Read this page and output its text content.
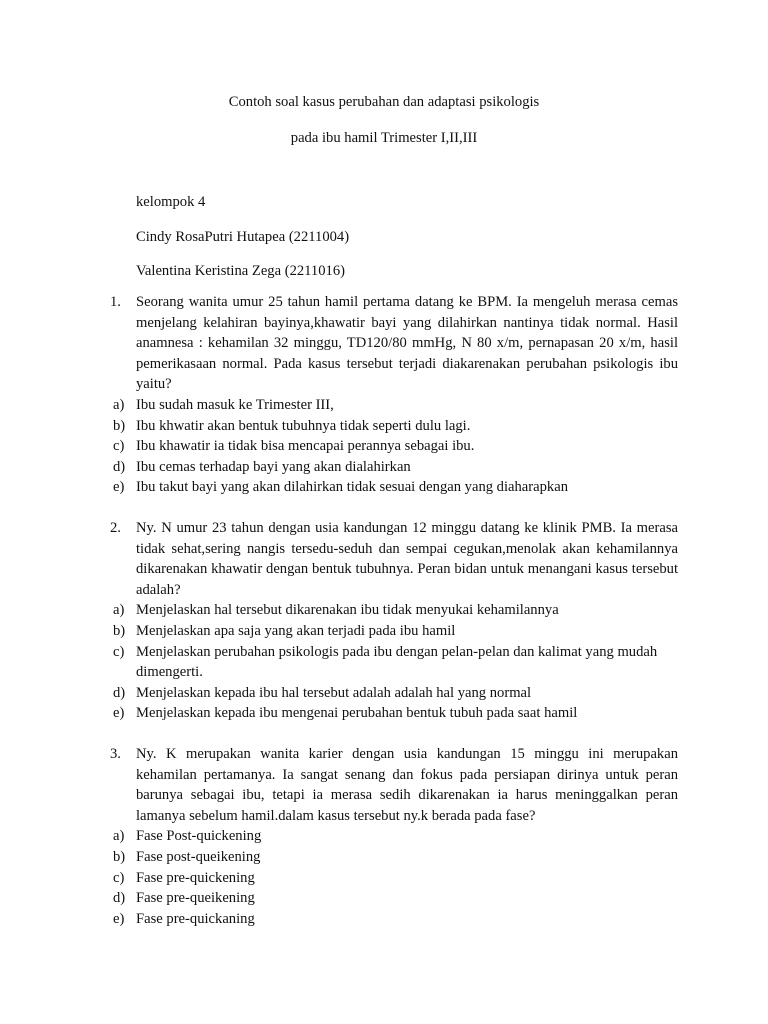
Contoh soal kasus perubahan dan adaptasi psikologis
pada ibu hamil Trimester I,II,III
kelompok 4
Cindy RosaPutri Hutapea (2211004)
Valentina Keristina Zega (2211016)
1. Seorang wanita umur 25 tahun hamil pertama datang ke BPM. Ia mengeluh merasa cemas menjelang kelahiran bayinya,khawatir bayi yang dilahirkan nantinya tidak normal. Hasil anamnesa : kehamilan 32 minggu, TD120/80 mmHg, N 80 x/m, pernapasan 20 x/m, hasil pemerikasaan normal. Pada kasus tersebut terjadi diakarenakan perubahan psikologis ibu yaitu?
a) Ibu sudah masuk ke Trimester III,
b) Ibu khwatir akan bentuk tubuhnya tidak seperti dulu lagi.
c) Ibu khawatir ia tidak bisa mencapai perannya sebagai ibu.
d) Ibu cemas terhadap bayi yang akan dialahirkan
e) Ibu takut bayi yang akan dilahirkan tidak sesuai dengan yang diaharapkan
2. Ny. N umur 23 tahun dengan usia kandungan 12 minggu datang ke klinik PMB. Ia merasa tidak sehat,sering nangis tersedu-seduh dan sempai cegukan,menolak akan kehamilannya dikarenakan khawatir dengan bentuk tubuhnya. Peran bidan untuk menangani kasus tersebut adalah?
a) Menjelaskan hal tersebut dikarenakan ibu tidak menyukai kehamilannya
b) Menjelaskan apa saja yang akan terjadi pada ibu hamil
c) Menjelaskan perubahan psikologis pada ibu dengan pelan-pelan dan kalimat yang mudah dimengerti.
d) Menjelaskan kepada ibu hal tersebut adalah adalah hal yang normal
e) Menjelaskan kepada ibu mengenai perubahan bentuk tubuh pada saat hamil
3. Ny. K merupakan wanita karier dengan usia kandungan 15 minggu ini merupakan kehamilan pertamanya. Ia sangat senang dan fokus pada persiapan dirinya untuk peran barunya sebagai ibu, tetapi ia merasa sedih dikarenakan ia harus meninggalkan peran lamanya sebelum hamil.dalam kasus tersebut ny.k berada pada fase?
a) Fase Post-quickening
b) Fase post-queikening
c) Fase pre-quickening
d) Fase pre-queikening
e) Fase pre-quickaning
